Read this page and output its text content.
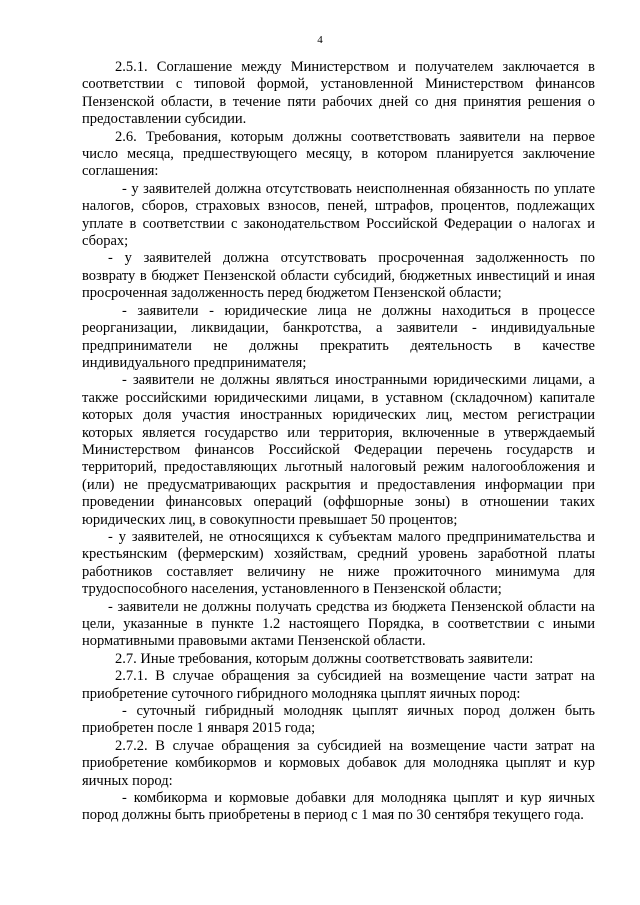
4

2.5.1. Соглашение между Министерством и получателем заключается в соответствии с типовой формой, установленной Министерством финансов Пензенской области, в течение пяти рабочих дней со дня принятия решения о предоставлении субсидии.

2.6. Требования, которым должны соответствовать заявители на первое число месяца, предшествующего месяцу, в котором планируется заключение соглашения:

- у заявителей должна отсутствовать неисполненная обязанность по уплате налогов, сборов, страховых взносов, пеней, штрафов, процентов, подлежащих уплате в соответствии с законодательством Российской Федерации о налогах и сборах;

- у заявителей должна отсутствовать просроченная задолженность по возврату в бюджет Пензенской области субсидий, бюджетных инвестиций и иная просроченная задолженность перед бюджетом Пензенской области;

- заявители - юридические лица не должны находиться в процессе реорганизации, ликвидации, банкротства, а заявители - индивидуальные предприниматели не должны прекратить деятельность в качестве индивидуального предпринимателя;

- заявители не должны являться иностранными юридическими лицами, а также российскими юридическими лицами, в уставном (складочном) капитале которых доля участия иностранных юридических лиц, местом регистрации которых является государство или территория, включенные в утверждаемый Министерством финансов Российской Федерации перечень государств и территорий, предоставляющих льготный налоговый режим налогообложения и (или) не предусматривающих раскрытия и предоставления информации при проведении финансовых операций (оффшорные зоны) в отношении таких юридических лиц, в совокупности превышает 50 процентов;

- у заявителей, не относящихся к субъектам малого предпринимательства и крестьянским (фермерским) хозяйствам, средний уровень заработной платы работников составляет величину не ниже прожиточного минимума для трудоспособного населения, установленного в Пензенской области;

- заявители не должны получать средства из бюджета Пензенской области на цели, указанные в пункте 1.2 настоящего Порядка, в соответствии с иными нормативными правовыми актами Пензенской области.

2.7. Иные требования, которым должны соответствовать заявители:

2.7.1. В случае обращения за субсидией на возмещение части затрат на приобретение суточного гибридного молодняка цыплят яичных пород:

- суточный гибридный молодняк цыплят яичных пород должен быть приобретен после 1 января 2015 года;

2.7.2. В случае обращения за субсидией на возмещение части затрат на приобретение комбикормов и кормовых добавок для молодняка цыплят и кур яичных пород:

- комбикорма и кормовые добавки для молодняка цыплят и кур яичных пород должны быть приобретены в период с 1 мая по 30 сентября текущего года.
